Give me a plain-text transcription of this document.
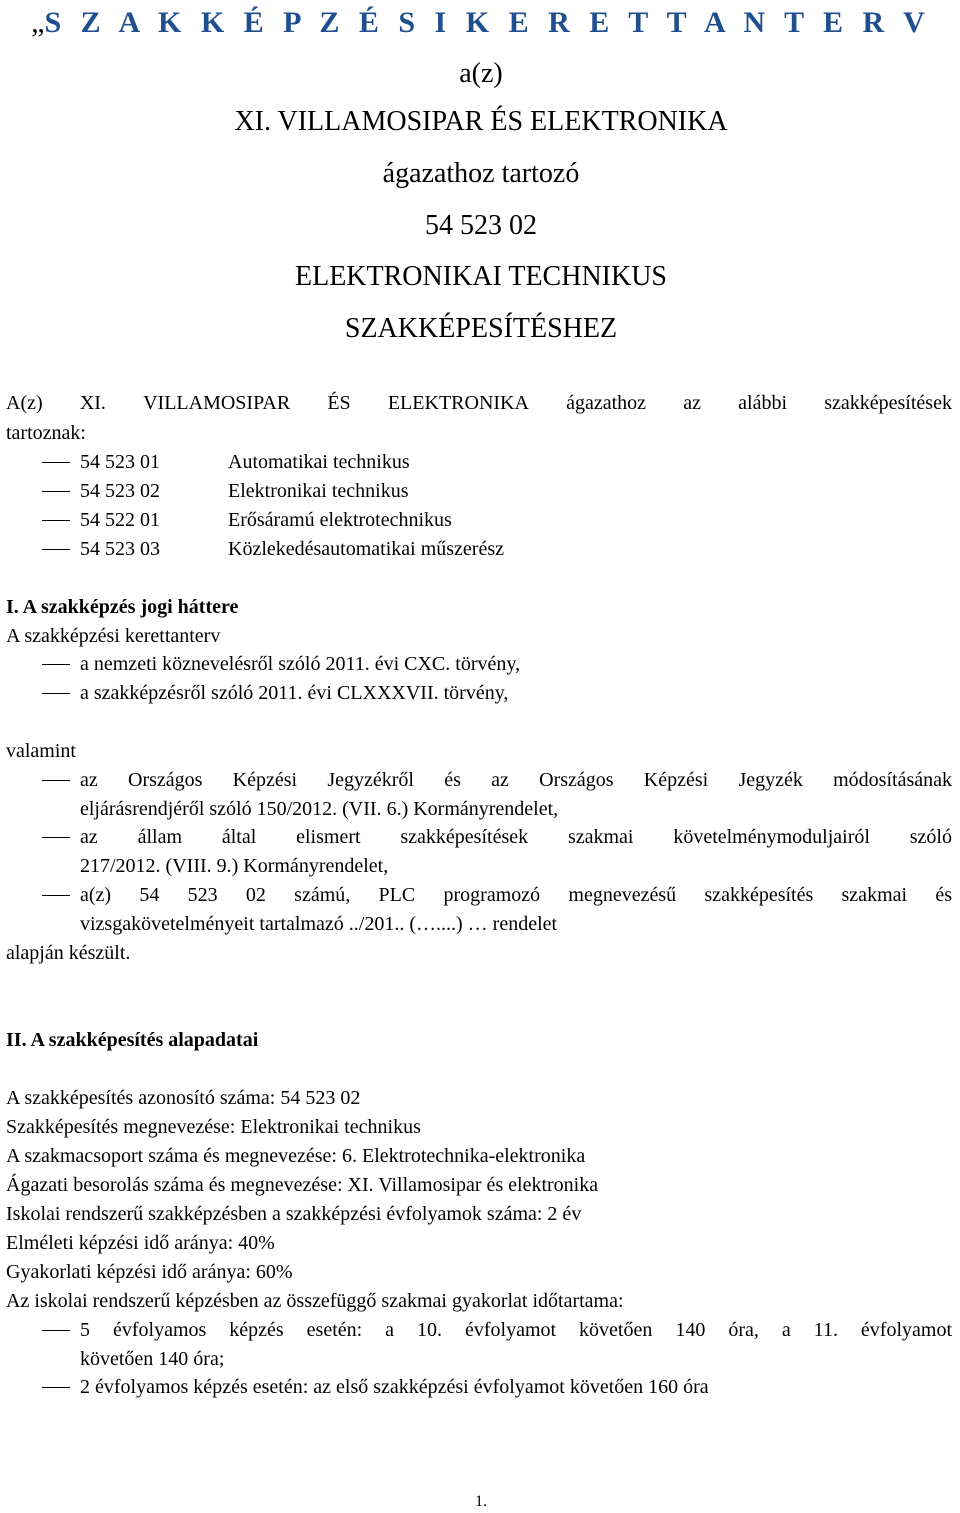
„S Z A K K É P Z É S I K E R E T T A N T E R V
a(z)
XI. VILLAMOSIPAR ÉS ELEKTRONIKA
ágazathoz tartozó
54 523 02
ELEKTRONIKAI TECHNIKUS
SZAKKÉPESÍTÉSHEZ
A(z) XI. VILLAMOSIPAR ÉS ELEKTRONIKA ágazathoz az alábbi szakképesítések
tartoznak:
54 523 01	Automatikai technikus
54 523 02	Elektronikai technikus
54 522 01	Erősáramú elektrotechnikus
54 523 03	Közlekedésautomatikai műszerész
I. A szakképzés jogi háttere
A szakképzési kerettanterv
a nemzeti köznevelésről szóló 2011. évi CXC. törvény,
a szakképzésről szóló 2011. évi CLXXXVII. törvény,
valamint
az Országos Képzési Jegyzékről és az Országos Képzési Jegyzék módosításának
eljárásrendjéről szóló 150/2012. (VII. 6.) Kormányrendelet,
az állam által elismert szakképesítések szakmai követelménymoduljairól szóló
217/2012. (VIII. 9.) Kormányrendelet,
a(z) 54 523 02 számú, PLC programozó megnevezésű szakképesítés szakmai és
vizsgakövetelményeit tartalmazó ../201.. (…....) … rendelet
alapján készült.
II. A szakképesítés alapadatai
A szakképesítés azonosító száma: 54 523 02
Szakképesítés megnevezése: Elektronikai technikus
A szakmacsoport száma és megnevezése: 6. Elektrotechnika-elektronika
Ágazati besorolás száma és megnevezése: XI. Villamosipar és elektronika
Iskolai rendszerű szakképzésben a szakképzési évfolyamok száma: 2 év
Elméleti képzési idő aránya: 40%
Gyakorlati képzési idő aránya: 60%
Az iskolai rendszerű képzésben az összefüggő szakmai gyakorlat időtartama:
5 évfolyamos képzés esetén: a 10. évfolyamot követően 140 óra, a 11. évfolyamot
követően 140 óra;
2 évfolyamos képzés esetén: az első szakképzési évfolyamot követően 160 óra
1.
